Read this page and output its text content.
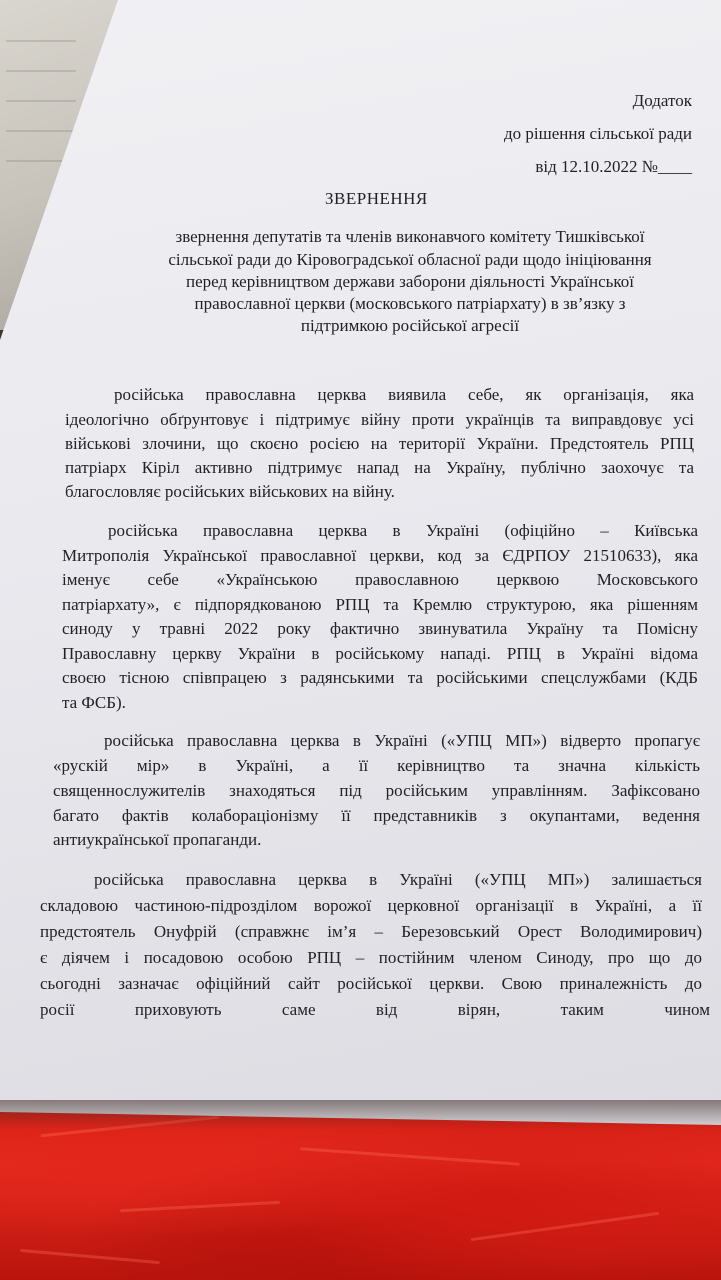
Додаток
до рішення сільської ради
від 12.10.2022 №____
ЗВЕРНЕННЯ
звернення депутатів та членів виконавчого комітету Тишківської
сільської ради до Кіровоградської обласної ради щодо ініціювання
перед керівництвом держави заборони діяльності Української
православної церкви (московського патріархату) в зв’язку з
підтримкою російської агресії
російська православна церква виявила себе, як організація, яка
ідеологічно обґрунтовує і підтримує війну проти українців та виправдовує усі
військові злочини, що скоєно росією на території України. Предстоятель РПЦ
патріарх Кіріл активно підтримує напад на Україну, публічно заохочує та
благословляє російських військових на війну.
російська православна церква в Україні (офіційно – Київська
Митрополія Української православної церкви, код за ЄДРПОУ 21510633), яка
іменує себе «Українською православною церквою Московського
патріархату», є підпорядкованою РПЦ та Кремлю структурою, яка рішенням
синоду у травні 2022 року фактично звинуватила Україну та Помісну
Православну церкву України в російському нападі. РПЦ в Україні відома
своєю тісною співпрацею з радянськими та російськими спецслужбами (КДБ
та ФСБ).
російська православна церква в Україні («УПЦ МП») відверто пропагує
«рускій мір» в Україні, а її керівництво та значна кількість
священнослужителів знаходяться під російським управлінням. Зафіксовано
багато фактів колабораціонізму її представників з окупантами, ведення
антиукраїнської пропаганди.
російська православна церква в Україні («УПЦ МП») залишається
складовою частиною-підрозділом ворожої церковної організації в Україні, а її
предстоятель Онуфрій (справжнє ім’я – Березовський Орест Володимирович)
є діячем і посадовою особою РПЦ – постійним членом Синоду, про що до
сьогодні зазначає офіційний сайт російської церкви. Свою приналежність до
росії приховують саме від вірян, таким чином
